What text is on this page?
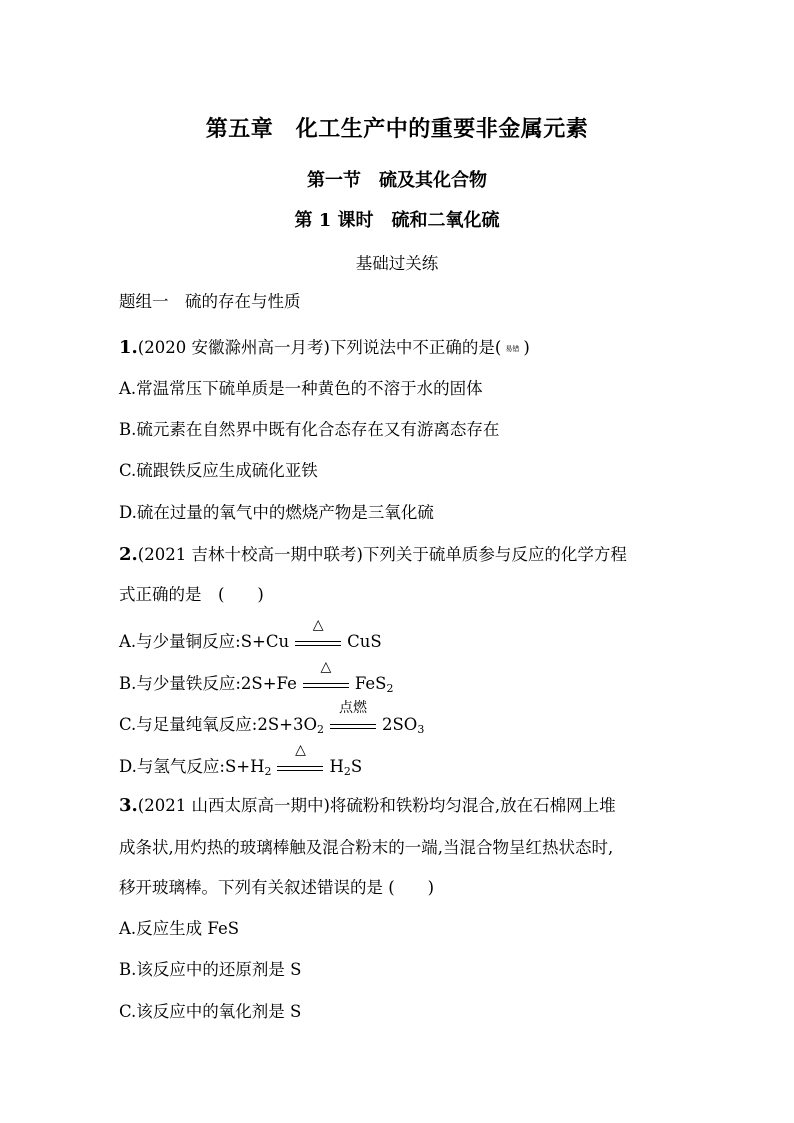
第五章　化工生产中的重要非金属元素
第一节　硫及其化合物
第 1 课时　硫和二氧化硫
基础过关练
题组一　硫的存在与性质
1.(2020 安徽滁州高一月考)下列说法中不正确的是( 易错 )
A.常温常压下硫单质是一种黄色的不溶于水的固体
B.硫元素在自然界中既有化合态存在又有游离态存在
C.硫跟铁反应生成硫化亚铁
D.硫在过量的氧气中的燃烧产物是三氧化硫
2.(2021 吉林十校高一期中联考)下列关于硫单质参与反应的化学方程
式正确的是　(　　)
A.与少量铜反应:S+Cu
△
CuS
B.与少量铁反应:2S+Fe
△
FeS$_2$
C.与足量纯氧反应$:2S+3O_2$
点燃
$2SO_3$
D.与氢气反应$:S+H_2$
△
$H_2S$
3.(2021 山西太原高一期中)将硫粉和铁粉均匀混合,放在石棉网上堆
成条状,用灼热的玻璃棒触及混合粉末的一端,当混合物呈红热状态时,
移开玻璃棒。下列有关叙述错误的是 (　　)
A.反应生成 FeS
B.该反应中的还原剂是 S
C.该反应中的氧化剂是 S
